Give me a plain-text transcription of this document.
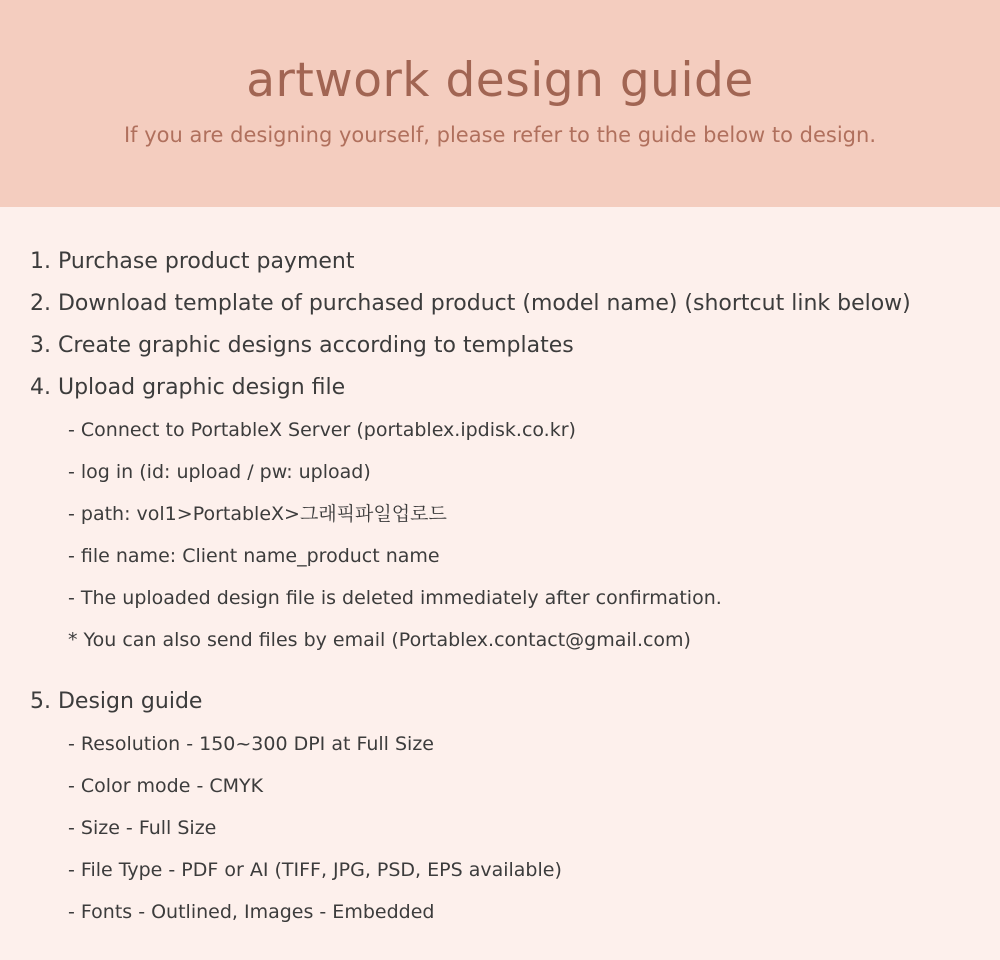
artwork design guide

If you are designing yourself, please refer to the guide below to design.

1. Purchase product payment

2. Download template of purchased product (model name) (shortcut link below)

3. Create graphic designs according to templates

4. Upload graphic design file

- Connect to PortableX Server (portablex.ipdisk.co.kr)

- log in (id: upload / pw: upload)

- path: vol1>PortableX>그래픽파일업로드

- file name: Client name_product name

- The uploaded design file is deleted immediately after confirmation.

* You can also send files by email (Portablex.contact@gmail.com)

5. Design guide

- Resolution - 150~300 DPI at Full Size

- Color mode - CMYK

- Size - Full Size

- File Type - PDF or AI (TIFF, JPG, PSD, EPS available)

- Fonts - Outlined, Images - Embedded
